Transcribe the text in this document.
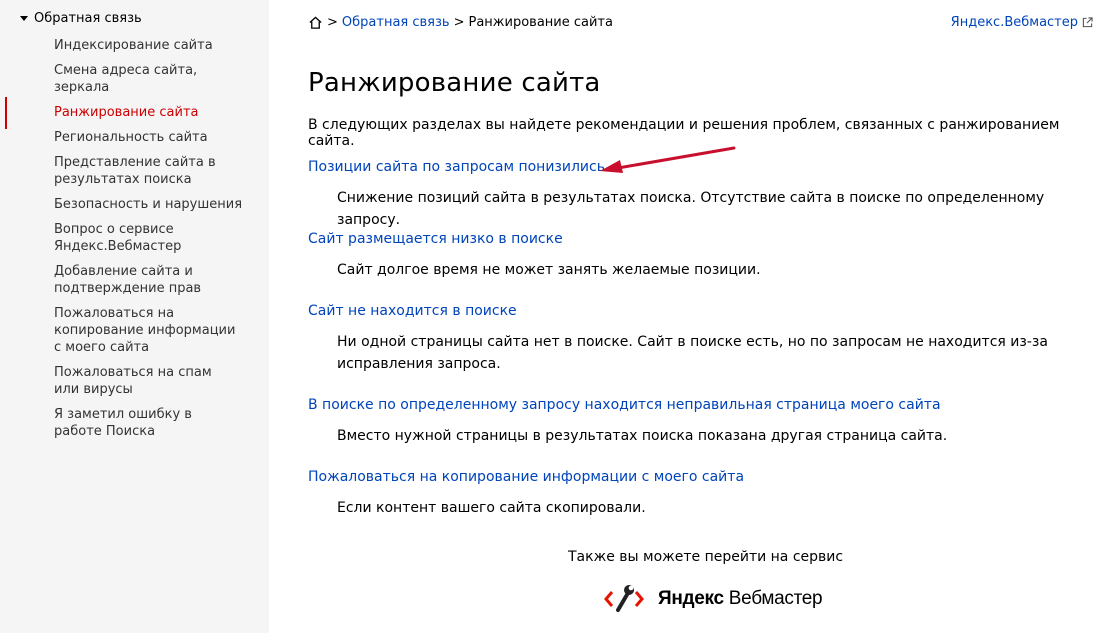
Обратная связь
Индексирование сайта
Смена адреса сайта, зеркала
Ранжирование сайта
Региональность сайта
Представление сайта в результатах поиска
Безопасность и нарушения
Вопрос о сервисе Яндекс.Вебмастер
Добавление сайта и подтверждение прав
Пожаловаться на копирование информации с моего сайта
Пожаловаться на спам или вирусы
Я заметил ошибку в работе Поиска
> Обратная связь > Ранжирование сайта	Яндекс.Вебмастер
Ранжирование сайта

В следующих разделах вы найдете рекомендации и решения проблем, связанных с ранжированием сайта.

Позиции сайта по запросам понизились

Снижение позиций сайта в результатах поиска. Отсутствие сайта в поиске по определенному запросу.

Сайт размещается низко в поиске

Сайт долгое время не может занять желаемые позиции.

Сайт не находится в поиске

Ни одной страницы сайта нет в поиске. Сайт в поиске есть, но по запросам не находится из-за исправления запроса.

В поиске по определенному запросу находится неправильная страница моего сайта

Вместо нужной страницы в результатах поиска показана другая страница сайта.

Пожаловаться на копирование информации с моего сайта

Если контент вашего сайта скопировали.

Также вы можете перейти на сервис

Яндекс Вебмастер
